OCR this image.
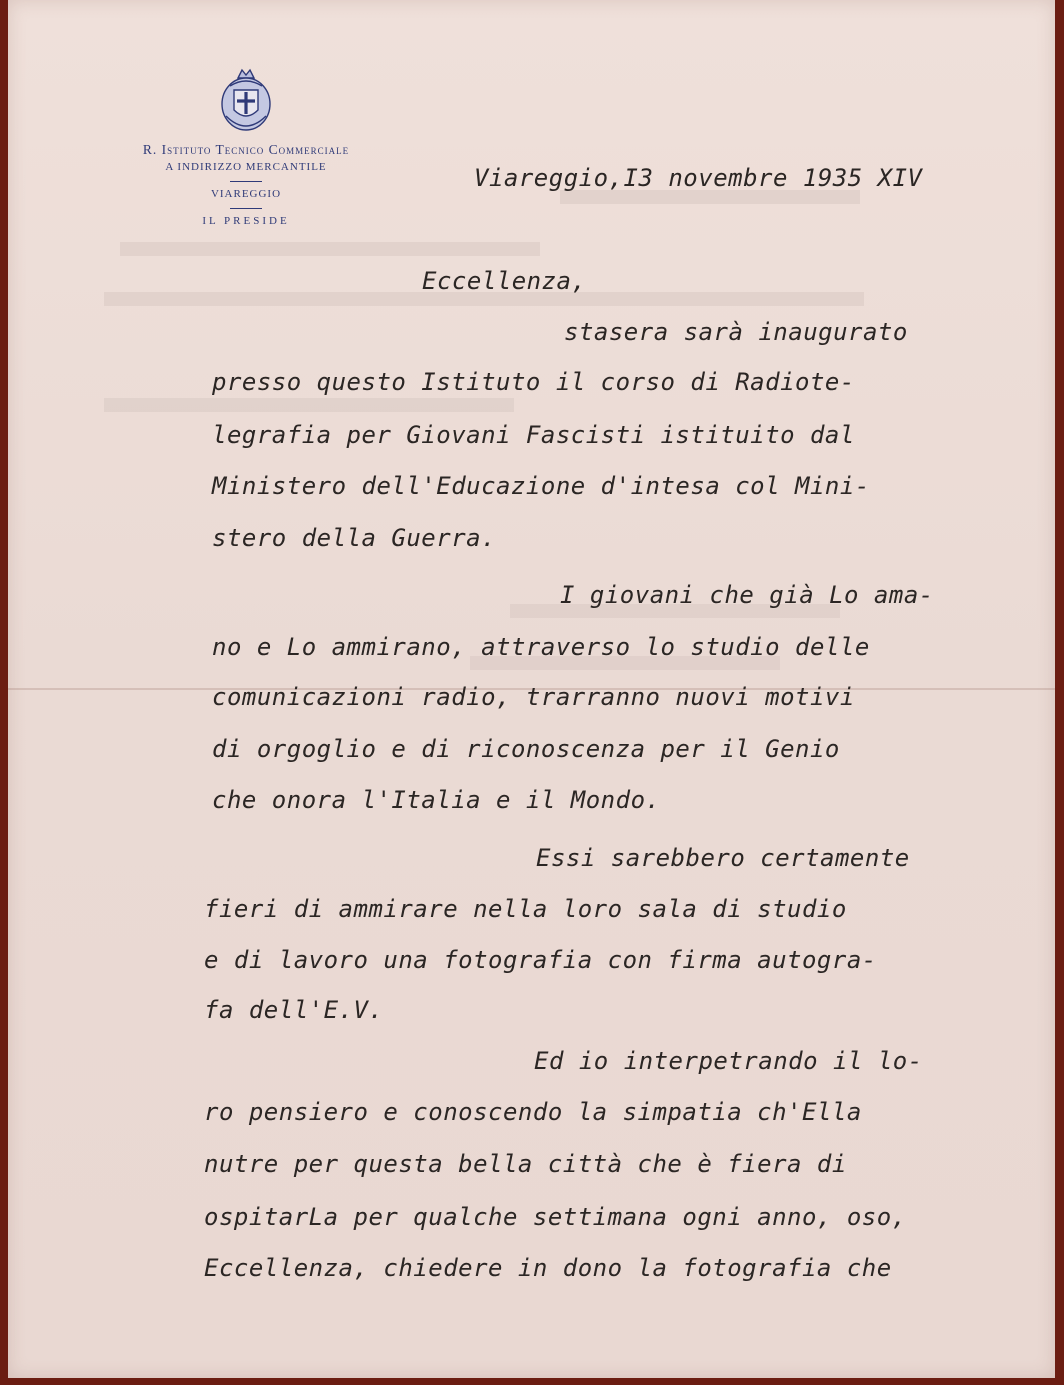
R. Istituto Tecnico Commerciale
A INDIRIZZO MERCANTILE
VIAREGGIO
IL PRESIDE
Viareggio,I3 novembre 1935 XIV
Eccellenza,
stasera sarà inaugurato
presso questo Istituto il corso di Radiote-
legrafia per Giovani Fascisti istituito dal
Ministero dell'Educazione d'intesa col Mini-
stero della Guerra.
I giovani che già Lo ama-
no e Lo ammirano, attraverso lo studio delle
comunicazioni radio, trarranno nuovi motivi
di orgoglio e di riconoscenza per il Genio
che onora l'Italia e il Mondo.
Essi sarebbero certamente
fieri di ammirare nella loro sala di studio
e di lavoro una fotografia con firma autogra-
fa dell'E.V.
Ed io interpetrando il lo-
ro pensiero e conoscendo la simpatia ch'Ella
nutre per questa bella città che è fiera di
ospitarLa per qualche settimana ogni anno, oso,
Eccellenza, chiedere in dono la fotografia che
